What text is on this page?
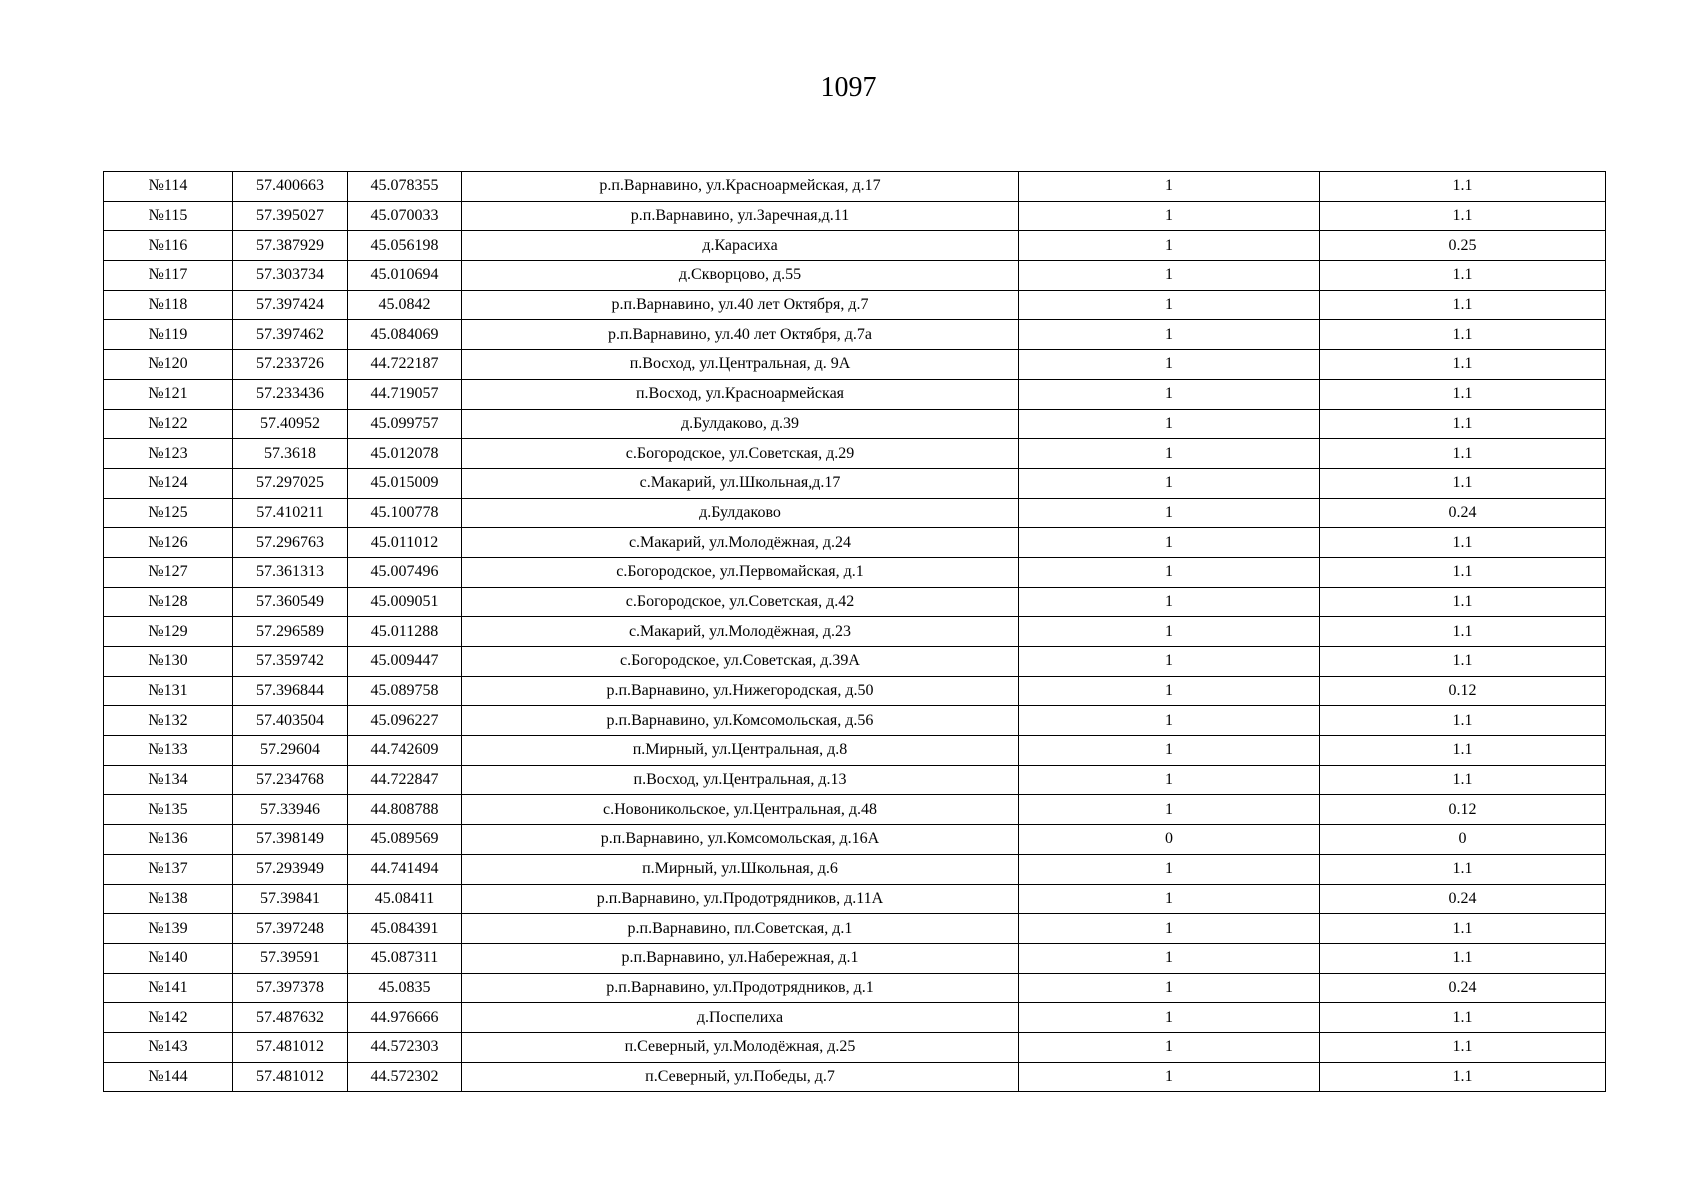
1097
№114	57.400663	45.078355	р.п.Варнавино, ул.Красноармейская, д.17	1	1.1
№115	57.395027	45.070033	р.п.Варнавино, ул.Заречная,д.11	1	1.1
№116	57.387929	45.056198	д.Карасиха	1	0.25
№117	57.303734	45.010694	д.Скворцово, д.55	1	1.1
№118	57.397424	45.0842	р.п.Варнавино, ул.40 лет Октября, д.7	1	1.1
№119	57.397462	45.084069	р.п.Варнавино, ул.40 лет Октября, д.7а	1	1.1
№120	57.233726	44.722187	п.Восход, ул.Центральная, д. 9А	1	1.1
№121	57.233436	44.719057	п.Восход, ул.Красноармейская	1	1.1
№122	57.40952	45.099757	д.Булдаково, д.39	1	1.1
№123	57.3618	45.012078	с.Богородское, ул.Советская, д.29	1	1.1
№124	57.297025	45.015009	с.Макарий, ул.Школьная,д.17	1	1.1
№125	57.410211	45.100778	д.Булдаково	1	0.24
№126	57.296763	45.011012	с.Макарий, ул.Молодёжная, д.24	1	1.1
№127	57.361313	45.007496	с.Богородское, ул.Первомайская, д.1	1	1.1
№128	57.360549	45.009051	с.Богородское, ул.Советская, д.42	1	1.1
№129	57.296589	45.011288	с.Макарий, ул.Молодёжная, д.23	1	1.1
№130	57.359742	45.009447	с.Богородское, ул.Советская, д.39А	1	1.1
№131	57.396844	45.089758	р.п.Варнавино, ул.Нижегородская, д.50	1	0.12
№132	57.403504	45.096227	р.п.Варнавино, ул.Комсомольская, д.56	1	1.1
№133	57.29604	44.742609	п.Мирный, ул.Центральная, д.8	1	1.1
№134	57.234768	44.722847	п.Восход, ул.Центральная, д.13	1	1.1
№135	57.33946	44.808788	с.Новоникольское, ул.Центральная, д.48	1	0.12
№136	57.398149	45.089569	р.п.Варнавино, ул.Комсомольская, д.16А	0	0
№137	57.293949	44.741494	п.Мирный, ул.Школьная, д.6	1	1.1
№138	57.39841	45.08411	р.п.Варнавино, ул.Продотрядников, д.11А	1	0.24
№139	57.397248	45.084391	р.п.Варнавино, пл.Советская, д.1	1	1.1
№140	57.39591	45.087311	р.п.Варнавино, ул.Набережная, д.1	1	1.1
№141	57.397378	45.0835	р.п.Варнавино, ул.Продотрядников, д.1	1	0.24
№142	57.487632	44.976666	д.Поспелиха	1	1.1
№143	57.481012	44.572303	п.Северный, ул.Молодёжная, д.25	1	1.1
№144	57.481012	44.572302	п.Северный, ул.Победы, д.7	1	1.1
